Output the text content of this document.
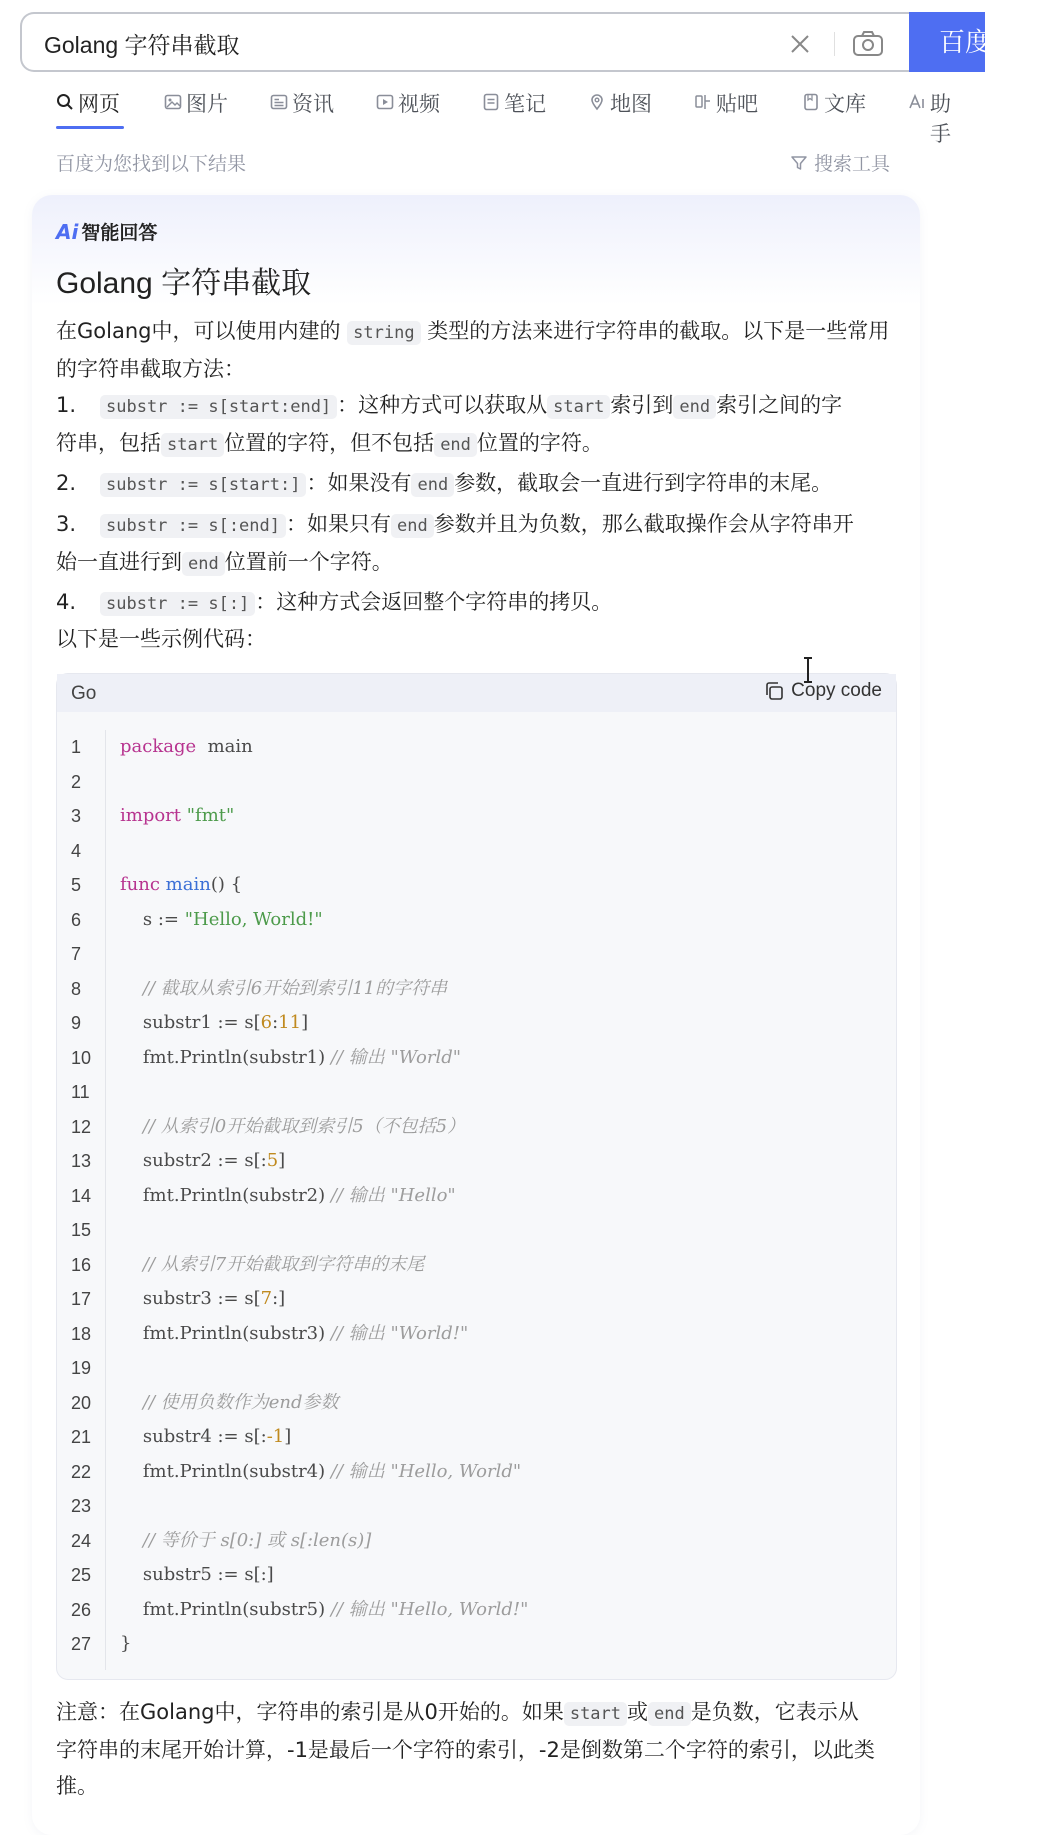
Golang 字符串截取
百度一下
网页	图片	资讯	视频	笔记	地图	贴吧	文库	助手
百度为您找到以下结果	搜索工具
Ai 智能回答
Golang 字符串截取
在Golang中，可以使用内建的 string 类型的方法来进行字符串的截取。以下是一些常用
的字符串截取方法：
1. substr := s[start:end] ：这种方式可以获取从 start 索引到 end 索引之间的字
符串，包括 start 位置的字符，但不包括 end 位置的字符。
2. substr := s[start:] ：如果没有 end 参数，截取会一直进行到字符串的末尾。
3. substr := s[:end] ：如果只有 end 参数并且为负数，那么截取操作会从字符串开
始一直进行到 end 位置前一个字符。
4. substr := s[:] ：这种方式会返回整个字符串的拷贝。
以下是一些示例代码：
Go	Copy code
1	package  main
2
3	import "fmt"
4
5	func main() {
6	s := "Hello, World!"
7
8	// 截取从索引6开始到索引11的字符串
9	substr1 := s[6:11]
10	fmt.Println(substr1) // 输出 "World"
11
12	// 从索引0开始截取到索引5（不包括5）
13	substr2 := s[:5]
14	fmt.Println(substr2) // 输出 "Hello"
15
16	// 从索引7开始截取到字符串的末尾
17	substr3 := s[7:]
18	fmt.Println(substr3) // 输出 "World!"
19
20	// 使用负数作为end参数
21	substr4 := s[:-1]
22	fmt.Println(substr4) // 输出 "Hello, World"
23
24	// 等价于 s[0:] 或 s[:len(s)]
25	substr5 := s[:]
26	fmt.Println(substr5) // 输出 "Hello, World!"
27	}
注意：在Golang中，字符串的索引是从0开始的。如果 start 或 end 是负数，它表示从
字符串的末尾开始计算，-1是最后一个字符的索引，-2是倒数第二个字符的索引，以此类
推。
